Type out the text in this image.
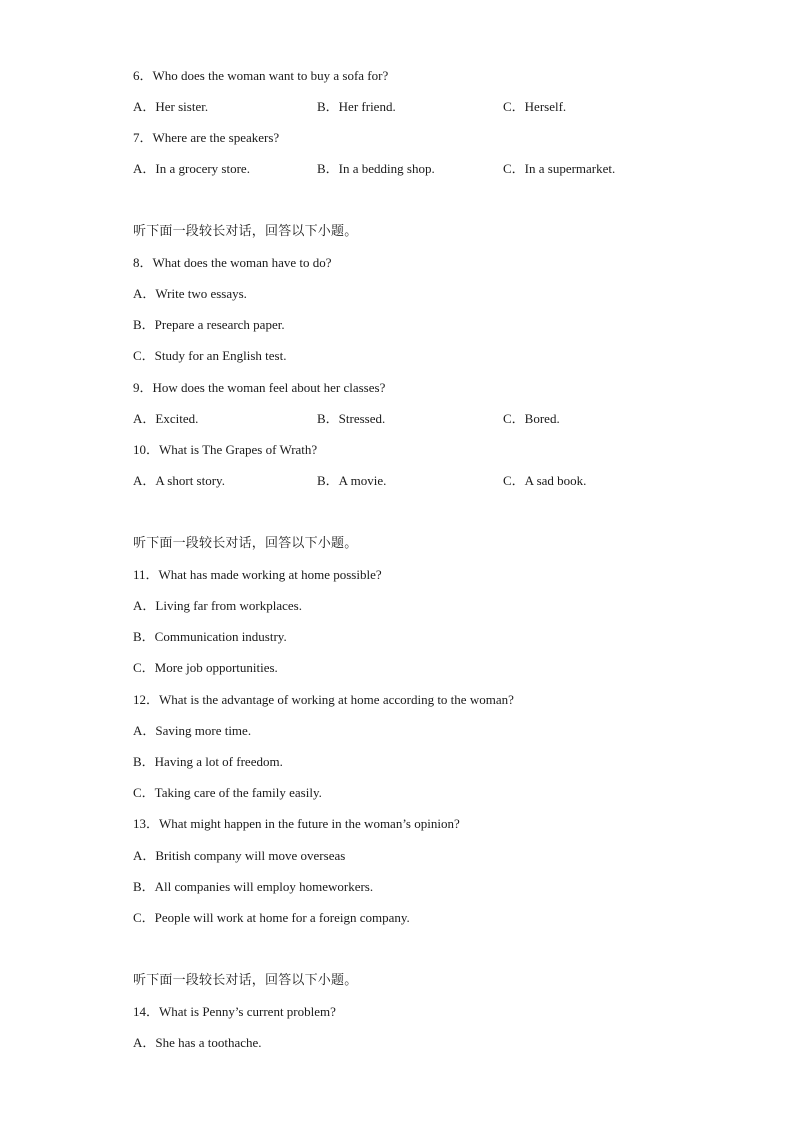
6．Who does the woman want to buy a sofa for?
A．Her sister.	B．Her friend.	C．Herself.
7．Where are the speakers?
A．In a grocery store.	B．In a bedding shop.	C．In a supermarket.
听下面一段较长对话，回答以下小题。
8．What does the woman have to do?
A．Write two essays.
B．Prepare a research paper.
C．Study for an English test.
9．How does the woman feel about her classes?
A．Excited.	B．Stressed.	C．Bored.
10．What is The Grapes of Wrath?
A．A short story.	B．A movie.	C．A sad book.
听下面一段较长对话，回答以下小题。
11．What has made working at home possible?
A．Living far from workplaces.
B．Communication industry.
C．More job opportunities.
12．What is the advantage of working at home according to the woman?
A．Saving more time.
B．Having a lot of freedom.
C．Taking care of the family easily.
13．What might happen in the future in the woman’s opinion?
A．British company will move overseas
B．All companies will employ homeworkers.
C．People will work at home for a foreign company.
听下面一段较长对话，回答以下小题。
14．What is Penny’s current problem?
A．She has a toothache.
